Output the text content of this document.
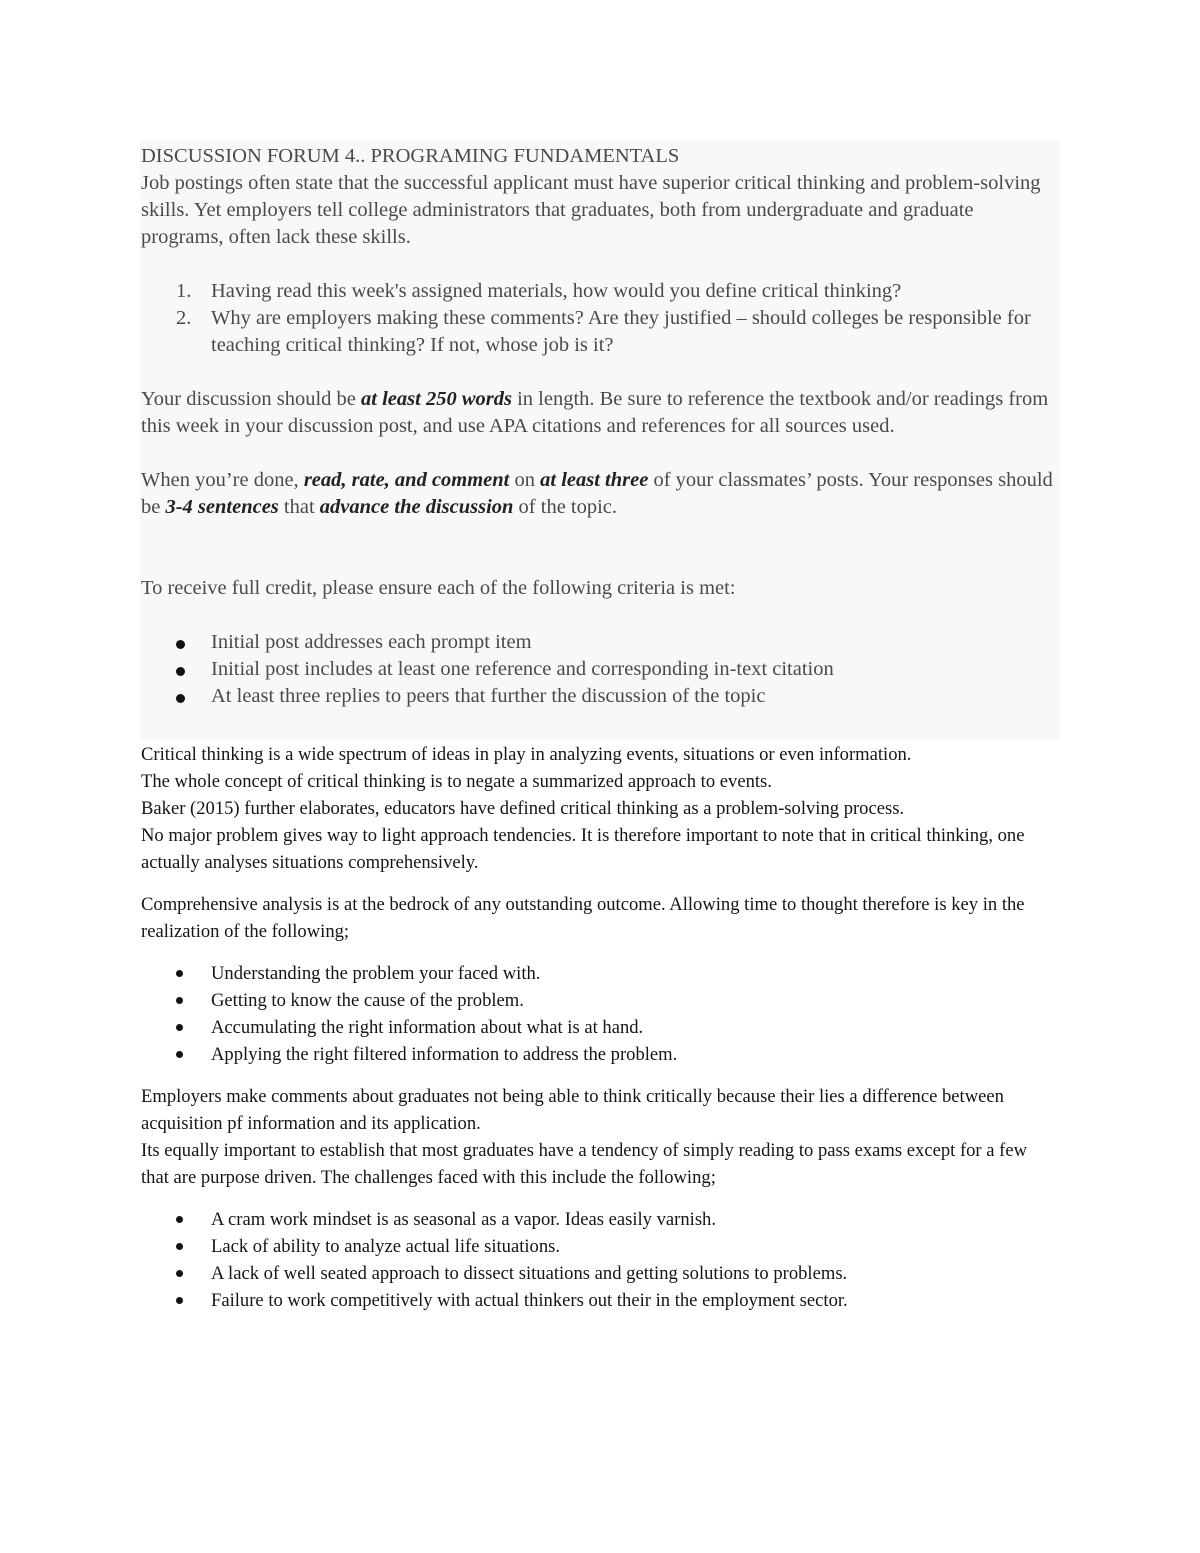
DISCUSSION FORUM 4.. PROGRAMING FUNDAMENTALS

Job postings often state that the successful applicant must have superior critical thinking and problem-solving skills. Yet employers tell college administrators that graduates, both from undergraduate and graduate programs, often lack these skills.

1. Having read this week's assigned materials, how would you define critical thinking?
2. Why are employers making these comments? Are they justified – should colleges be responsible for teaching critical thinking? If not, whose job is it?

Your discussion should be at least 250 words in length. Be sure to reference the textbook and/or readings from this week in your discussion post, and use APA citations and references for all sources used.

When you’re done, read, rate, and comment on at least three of your classmates’ posts. Your responses should be 3-4 sentences that advance the discussion of the topic.

To receive full credit, please ensure each of the following criteria is met:

Initial post addresses each prompt item
Initial post includes at least one reference and corresponding in-text citation
At least three replies to peers that further the discussion of the topic

Critical thinking is a wide spectrum of ideas in play in analyzing events, situations or even information.

The whole concept of critical thinking is to negate a summarized approach to events.

Baker (2015) further elaborates, educators have defined critical thinking as a problem-solving process.

No major problem gives way to light approach tendencies. It is therefore important to note that in critical thinking, one actually analyses situations comprehensively.

Comprehensive analysis is at the bedrock of any outstanding outcome. Allowing time to thought therefore is key in the realization of the following;

Understanding the problem your faced with.
Getting to know the cause of the problem.
Accumulating the right information about what is at hand.
Applying the right filtered information to address the problem.

Employers make comments about graduates not being able to think critically because their lies a difference between acquisition pf information and its application.

Its equally important to establish that most graduates have a tendency of simply reading to pass exams except for a few that are purpose driven. The challenges faced with this include the following;

A cram work mindset is as seasonal as a vapor. Ideas easily varnish.
Lack of ability to analyze actual life situations.
A lack of well seated approach to dissect situations and getting solutions to problems.
Failure to work competitively with actual thinkers out their in the employment sector.
